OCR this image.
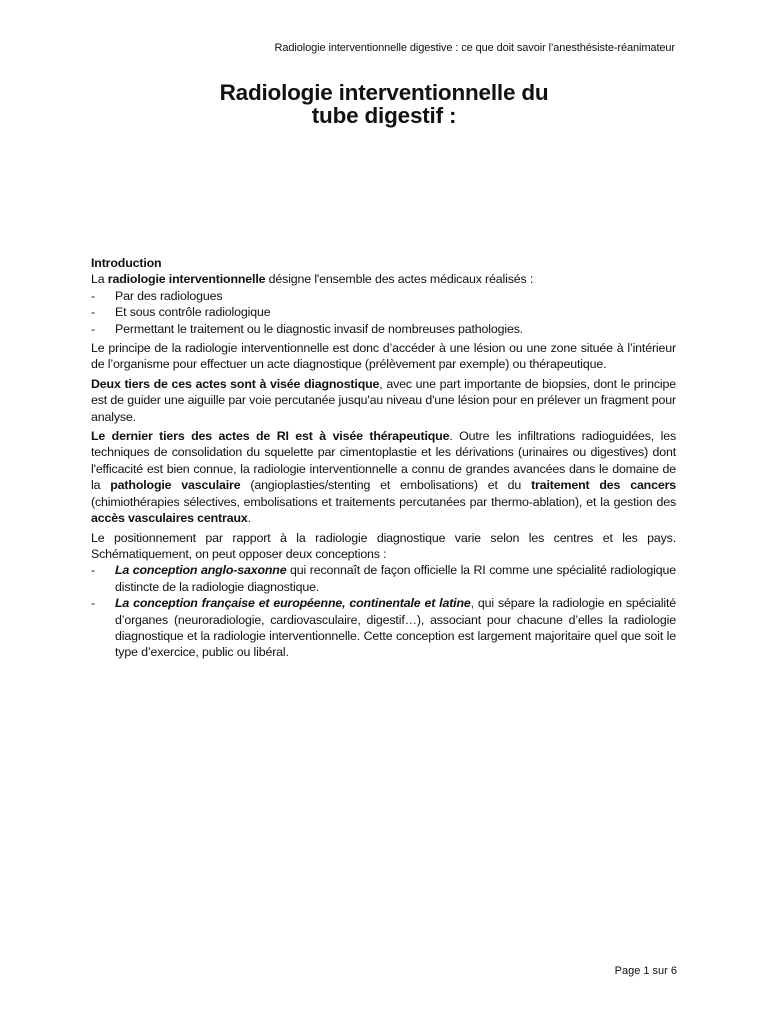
Radiologie interventionnelle digestive : ce que doit savoir l’anesthésiste-réanimateur
Radiologie interventionnelle du
tube digestif :

Introduction

La radiologie interventionnelle désigne l'ensemble des actes médicaux réalisés :

- Par des radiologues
- Et sous contrôle radiologique
- Permettant le traitement ou le diagnostic invasif de nombreuses pathologies.

Le principe de la radiologie interventionnelle est donc d’accéder à une lésion ou une zone située à l’intérieur de l’organisme pour effectuer un acte diagnostique (prélèvement par exemple) ou thérapeutique.

Deux tiers de ces actes sont à visée diagnostique, avec une part importante de biopsies, dont le principe est de guider une aiguille par voie percutanée jusqu'au niveau d'une lésion pour en prélever un fragment pour analyse.

Le dernier tiers des actes de RI est à visée thérapeutique. Outre les infiltrations radioguidées, les techniques de consolidation du squelette par cimentoplastie et les dérivations (urinaires ou digestives) dont l'efficacité est bien connue, la radiologie interventionnelle a connu de grandes avancées dans le domaine de la pathologie vasculaire (angioplasties/stenting et embolisations) et du traitement des cancers (chimiothérapies sélectives, embolisations et traitements percutanées par thermo-ablation), et la gestion des accès vasculaires centraux.

Le positionnement par rapport à la radiologie diagnostique varie selon les centres et les pays. Schématiquement, on peut opposer deux conceptions :

- La conception anglo-saxonne qui reconnaît de façon officielle la RI comme une spécialité radiologique distincte de la radiologie diagnostique.
- La conception française et européenne, continentale et latine, qui sépare la radiologie en spécialité d’organes (neuroradiologie, cardiovasculaire, digestif…), associant pour chacune d’elles la radiologie diagnostique et la radiologie interventionnelle. Cette conception est largement majoritaire quel que soit le type d’exercice, public ou libéral.
Page 1 sur 6
